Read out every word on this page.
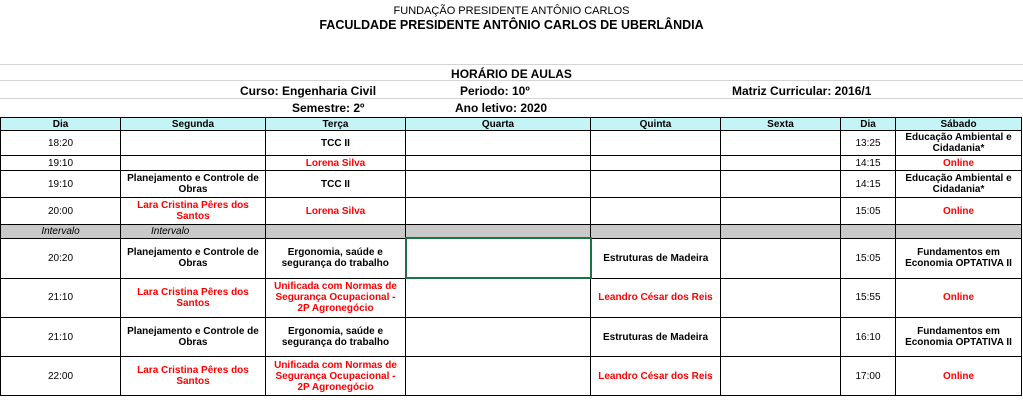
FUNDAÇÃO PRESIDENTE ANTÔNIO CARLOS
FACULDADE PRESIDENTE ANTÔNIO CARLOS DE UBERLÂNDIA
HORÁRIO DE AULAS
Curso: Engenharia Civil	Periodo: 10º	Matriz Curricular: 2016/1
Semestre: 2º	Ano letivo: 2020
Dia	Segunda	Terça	Quarta	Quinta	Sexta	Dia	Sábado
18:20		TCC II				13:25	Educação Ambiental e Cidadania*
19:10		Lorena Silva				14:15	Online
19:10	Planejamento e Controle de Obras	TCC II				14:15	Educação Ambiental e Cidadania*
20:00	Lara Cristina Pêres dos Santos	Lorena Silva				15:05	Online
Intervalo	Intervalo						
20:20	Planejamento e Controle de Obras	Ergonomia, saúde e segurança do trabalho		Estruturas de Madeira		15:05	Fundamentos em Economia OPTATIVA II
21:10	Lara Cristina Pêres dos Santos	Unificada com Normas de Segurança Ocupacional - 2P Agronegócio		Leandro César dos Reis		15:55	Online
21:10	Planejamento e Controle de Obras	Ergonomia, saúde e segurança do trabalho		Estruturas de Madeira		16:10	Fundamentos em Economia OPTATIVA II
22:00	Lara Cristina Pêres dos Santos	Unificada com Normas de Segurança Ocupacional - 2P Agronegócio		Leandro César dos Reis		17:00	Online
